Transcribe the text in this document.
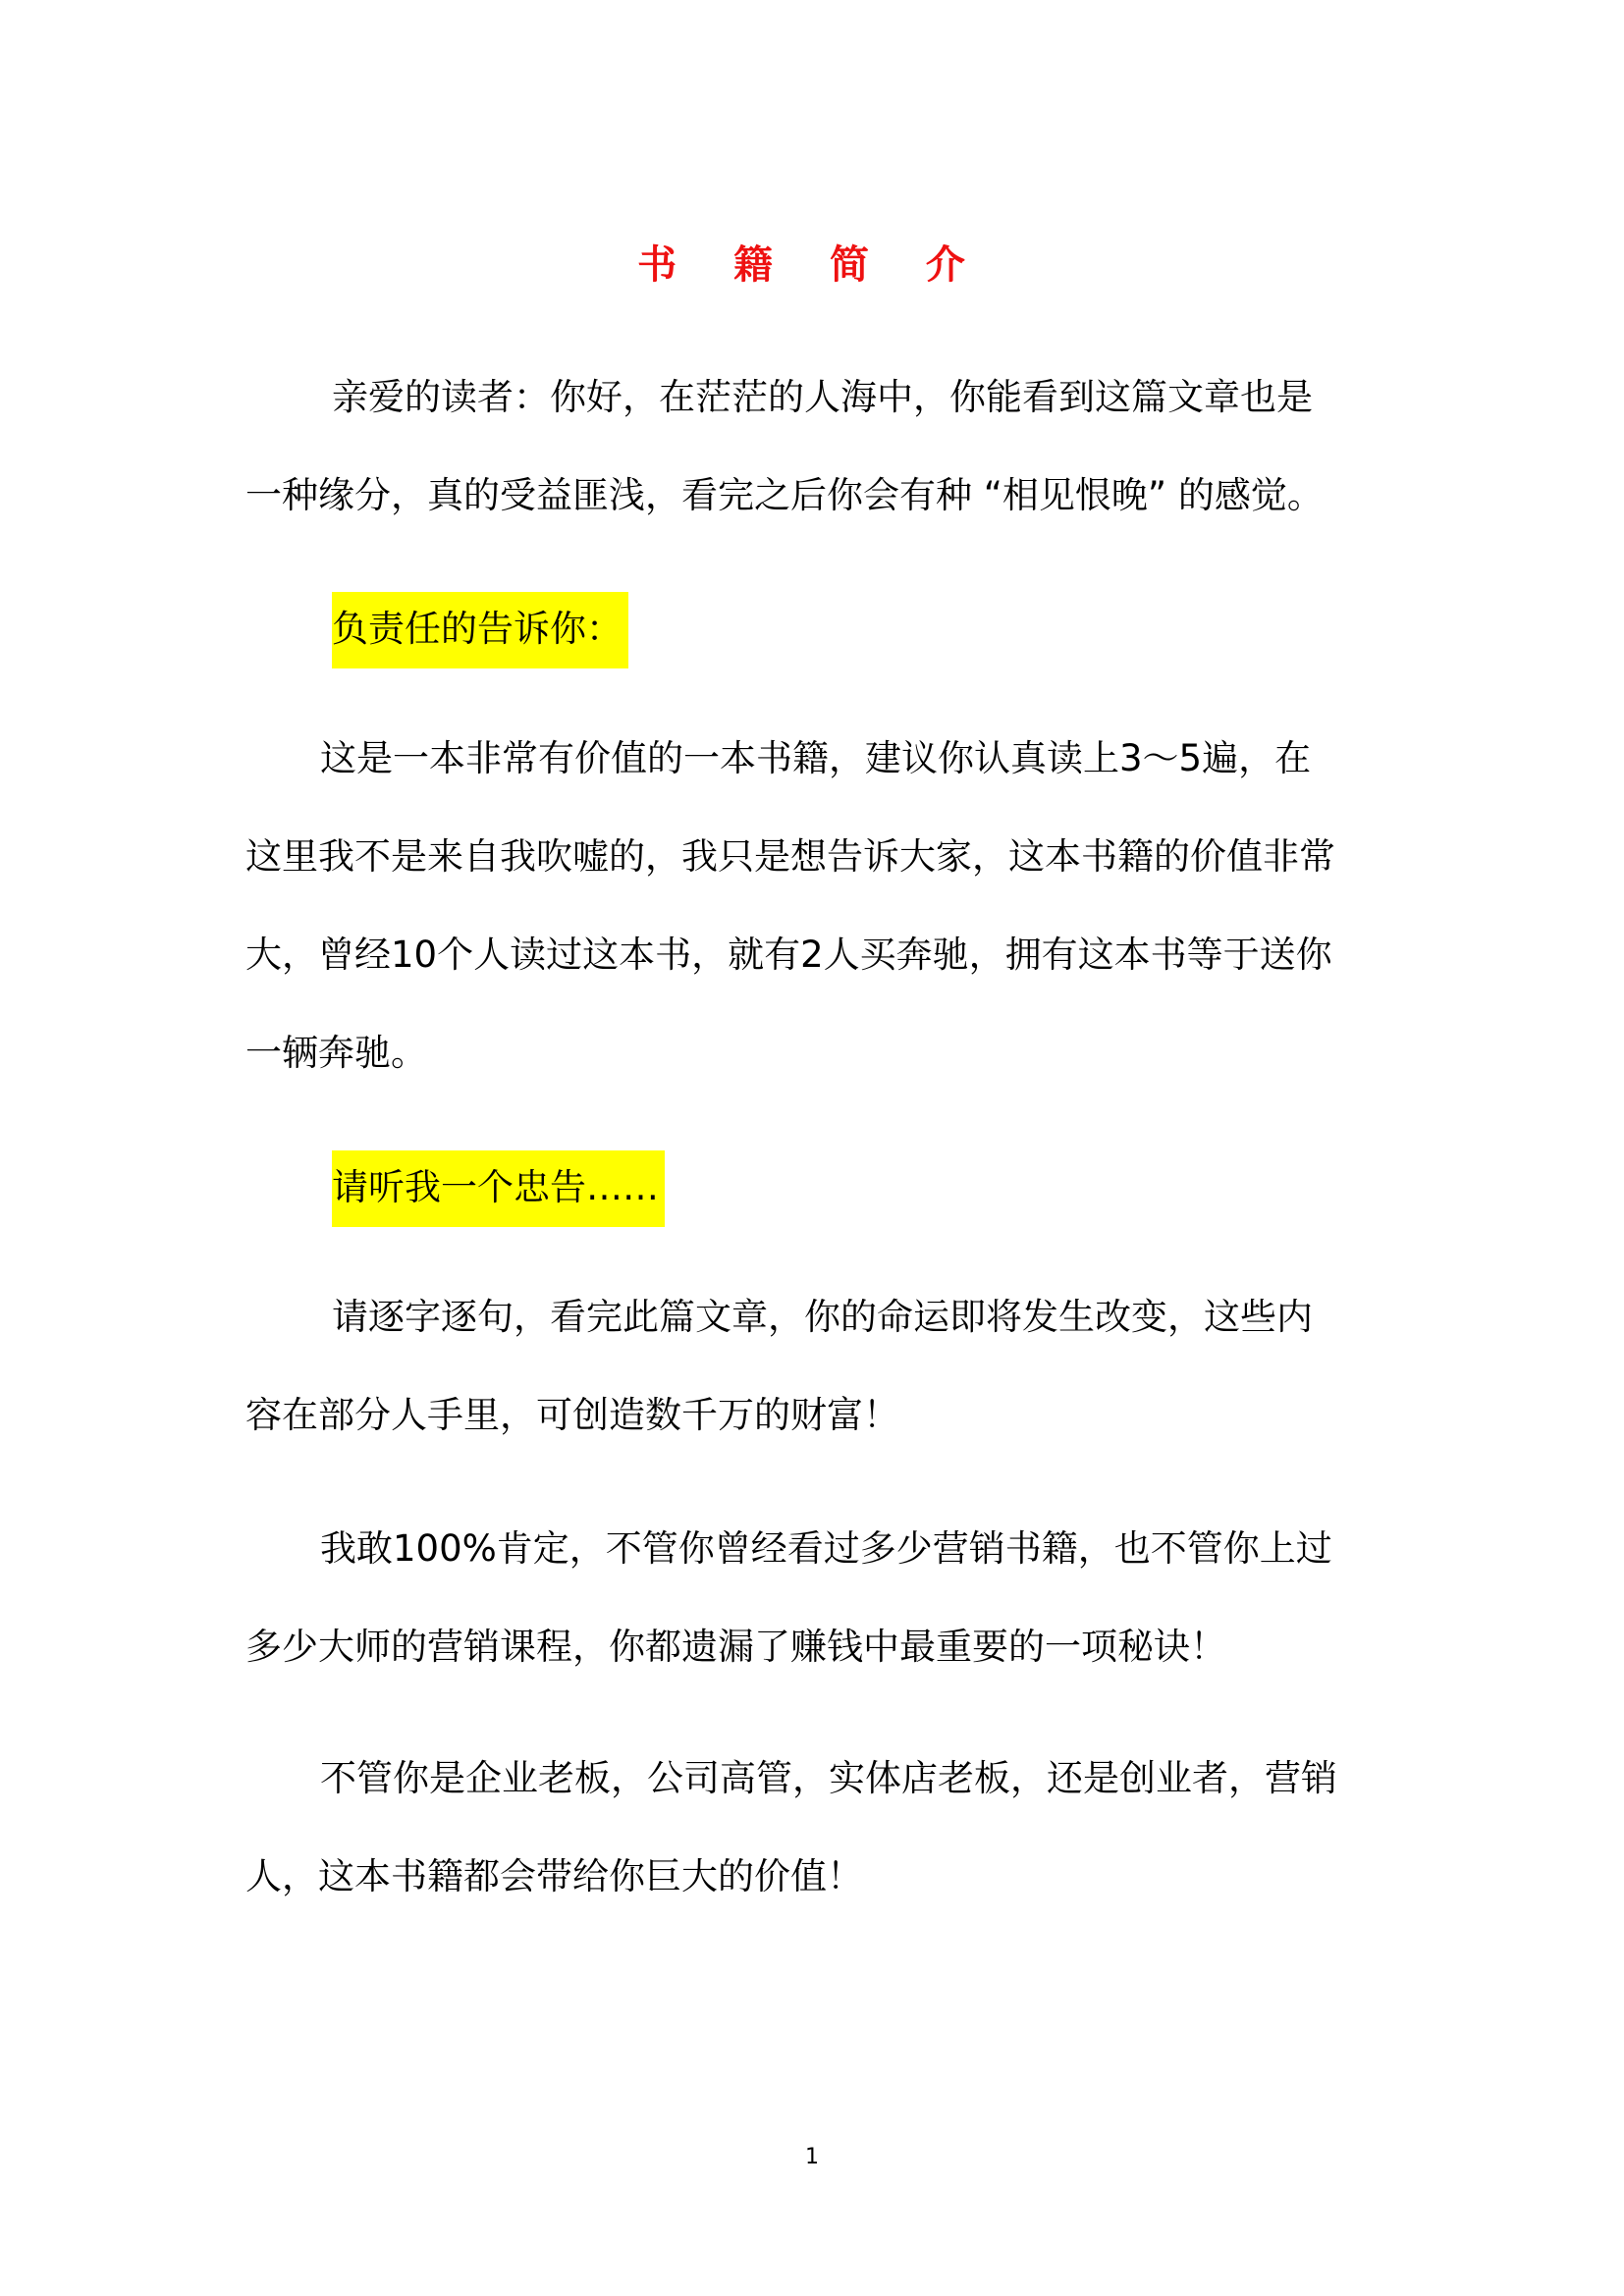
书 籍 简 介
亲爱的读者：你好，在茫茫的人海中，你能看到这篇文章也是
一种缘分，真的受益匪浅，看完之后你会有种 “相见恨晚” 的感觉。
负责任的告诉你：
这是一本非常有价值的一本书籍，建议你认真读上3～5遍，在
这里我不是来自我吹嘘的，我只是想告诉大家，这本书籍的价值非常
大，曾经10个人读过这本书，就有2人买奔驰，拥有这本书等于送你
一辆奔驰。
请听我一个忠告……
请逐字逐句，看完此篇文章，你的命运即将发生改变，这些内
容在部分人手里，可创造数千万的财富！
我敢100%肯定，不管你曾经看过多少营销书籍，也不管你上过
多少大师的营销课程，你都遗漏了赚钱中最重要的一项秘诀！
不管你是企业老板，公司高管，实体店老板，还是创业者，营销
人，这本书籍都会带给你巨大的价值！
1
